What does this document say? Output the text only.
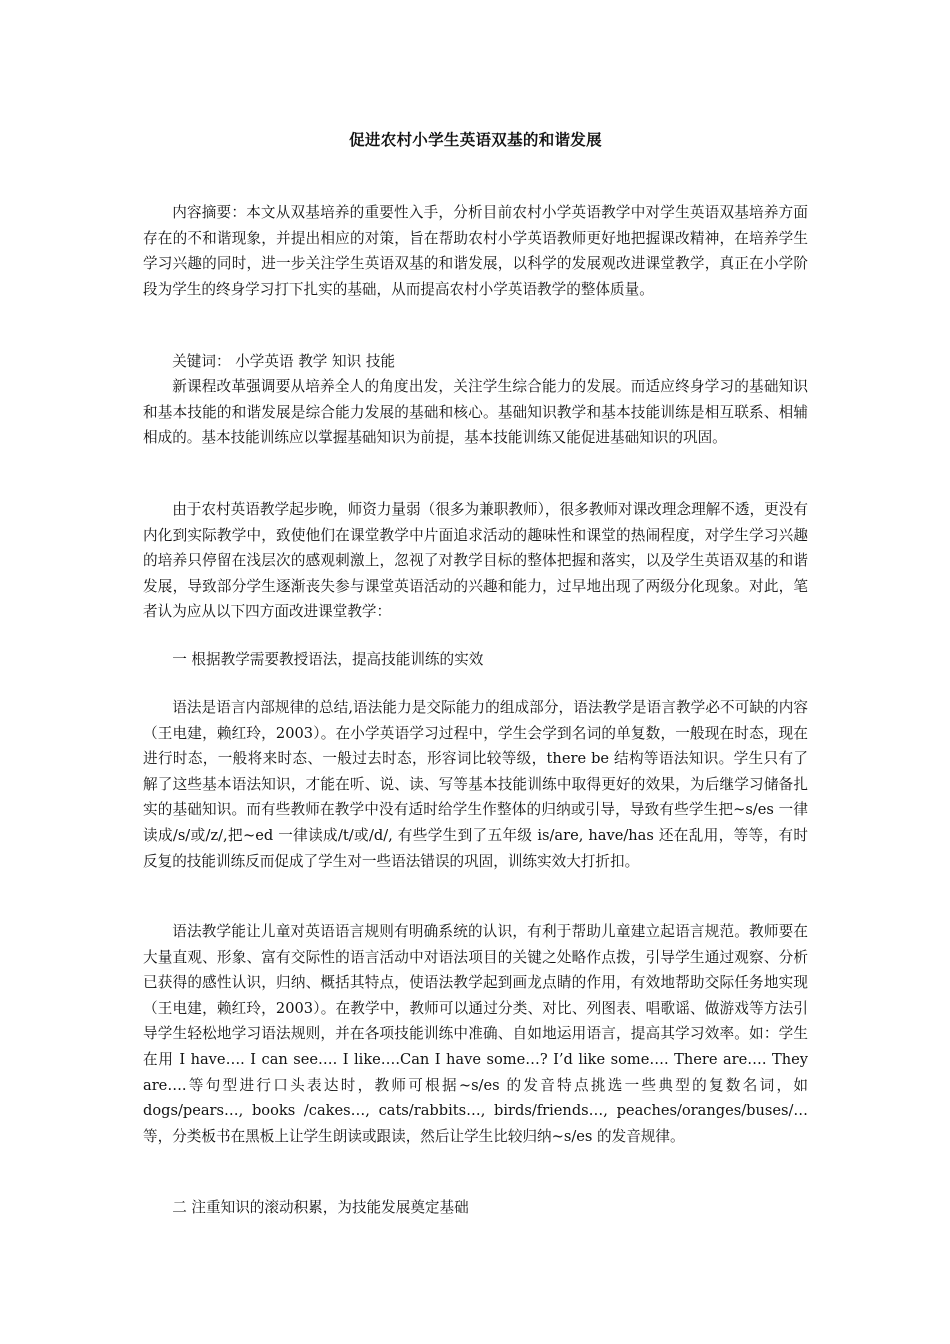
促进农村小学生英语双基的和谐发展

内容摘要：本文从双基培养的重要性入手，分析目前农村小学英语教学中对学生英语双基培养方面存在的不和谐现象，并提出相应的对策，旨在帮助农村小学英语教师更好地把握课改精神，在培养学生学习兴趣的同时，进一步关注学生英语双基的和谐发展，以科学的发展观改进课堂教学，真正在小学阶段为学生的终身学习打下扎实的基础，从而提高农村小学英语教学的整体质量。

关键词： 小学英语 教学 知识 技能

新课程改革强调要从培养全人的角度出发，关注学生综合能力的发展。而适应终身学习的基础知识和基本技能的和谐发展是综合能力发展的基础和核心。基础知识教学和基本技能训练是相互联系、相辅相成的。基本技能训练应以掌握基础知识为前提，基本技能训练又能促进基础知识的巩固。

由于农村英语教学起步晚，师资力量弱（很多为兼职教师），很多教师对课改理念理解不透，更没有内化到实际教学中，致使他们在课堂教学中片面追求活动的趣味性和课堂的热闹程度，对学生学习兴趣的培养只停留在浅层次的感观刺激上，忽视了对教学目标的整体把握和落实，以及学生英语双基的和谐发展，导致部分学生逐渐丧失参与课堂英语活动的兴趣和能力，过早地出现了两级分化现象。对此，笔者认为应从以下四方面改进课堂教学：

一 根据教学需要教授语法，提高技能训练的实效

语法是语言内部规律的总结,语法能力是交际能力的组成部分，语法教学是语言教学必不可缺的内容（王电建，赖红玲，2003）。在小学英语学习过程中，学生会学到名词的单复数，一般现在时态，现在进行时态，一般将来时态、一般过去时态，形容词比较等级，there be 结构等语法知识。学生只有了解了这些基本语法知识，才能在听、说、读、写等基本技能训练中取得更好的效果，为后继学习储备扎实的基础知识。而有些教师在教学中没有适时给学生作整体的归纳或引导，导致有些学生把~s/es 一律读成/s/或/z/,把~ed 一律读成/t/或/d/, 有些学生到了五年级 is/are, have/has 还在乱用，等等，有时反复的技能训练反而促成了学生对一些语法错误的巩固，训练实效大打折扣。

语法教学能让儿童对英语语言规则有明确系统的认识，有利于帮助儿童建立起语言规范。教师要在大量直观、形象、富有交际性的语言活动中对语法项目的关键之处略作点拨，引导学生通过观察、分析已获得的感性认识，归纳、概括其特点，使语法教学起到画龙点睛的作用，有效地帮助交际任务地实现（王电建，赖红玲，2003）。在教学中，教师可以通过分类、对比、列图表、唱歌谣、做游戏等方法引导学生轻松地学习语法规则，并在各项技能训练中准确、自如地运用语言，提高其学习效率。如：学生在用 I have…. I can see…. I like….Can I have some…? I’d like some…. There are…. They are….等句型进行口头表达时，教师可根据~s/es 的发音特点挑选一些典型的复数名词，如 dogs/pears…, books /cakes…, cats/rabbits…, birds/friends…, peaches/oranges/buses/…等，分类板书在黑板上让学生朗读或跟读，然后让学生比较归纳~s/es 的发音规律。

二 注重知识的滚动积累，为技能发展奠定基础
